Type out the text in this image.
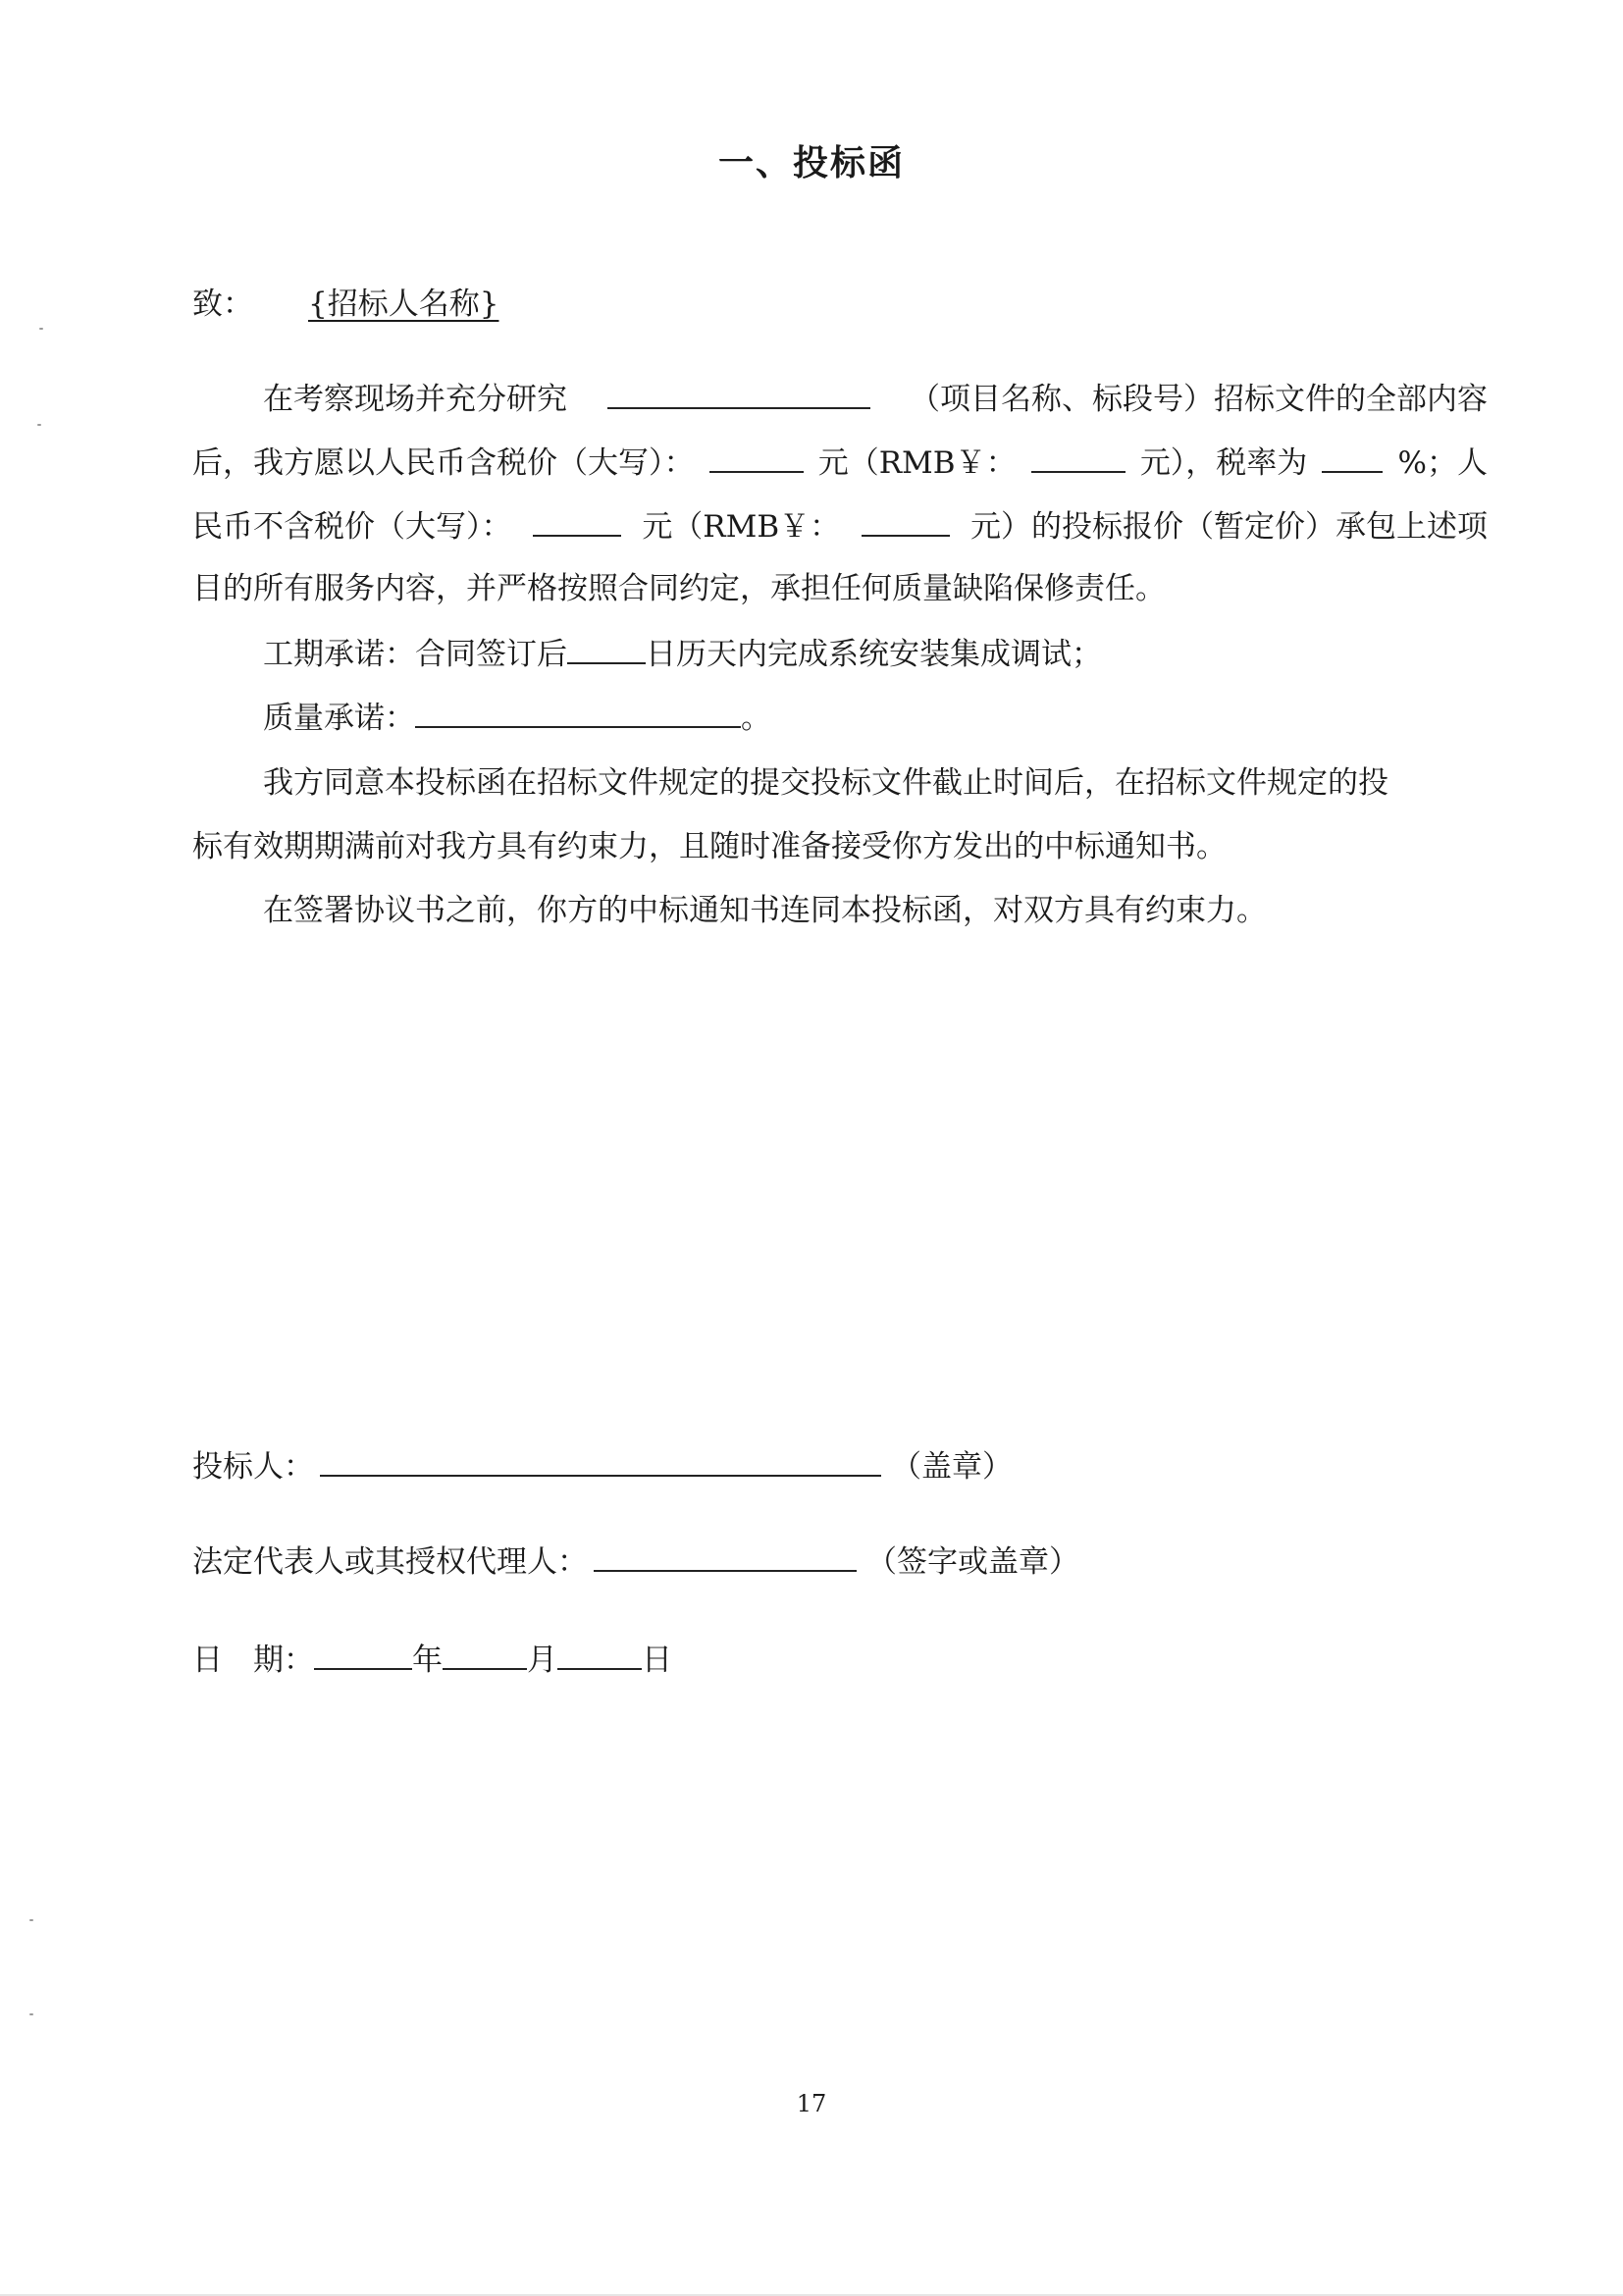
一、投标函
致： {招标人名称}
在考察现场并充分研究	（项目名称、标段号）招标文件的全部内容
后，我方愿以人民币含税价（大写）：	元（RMB￥：	元），税率为	%；人
民币不含税价（大写）：	元（RMB￥：	元）的投标报价（暂定价）承包上述项
目的所有服务内容，并严格按照合同约定，承担任何质量缺陷保修责任。
工期承诺：合同签订后	日历天内完成系统安装集成调试；
质量承诺：	。
我方同意本投标函在招标文件规定的提交投标文件截止时间后，在招标文件规定的投
标有效期期满前对我方具有约束力，且随时准备接受你方发出的中标通知书。
在签署协议书之前，你方的中标通知书连同本投标函，对双方具有约束力。
投标人：	（盖章）
法定代表人或其授权代理人：	（签字或盖章）
日　期：	年	月	日
17
